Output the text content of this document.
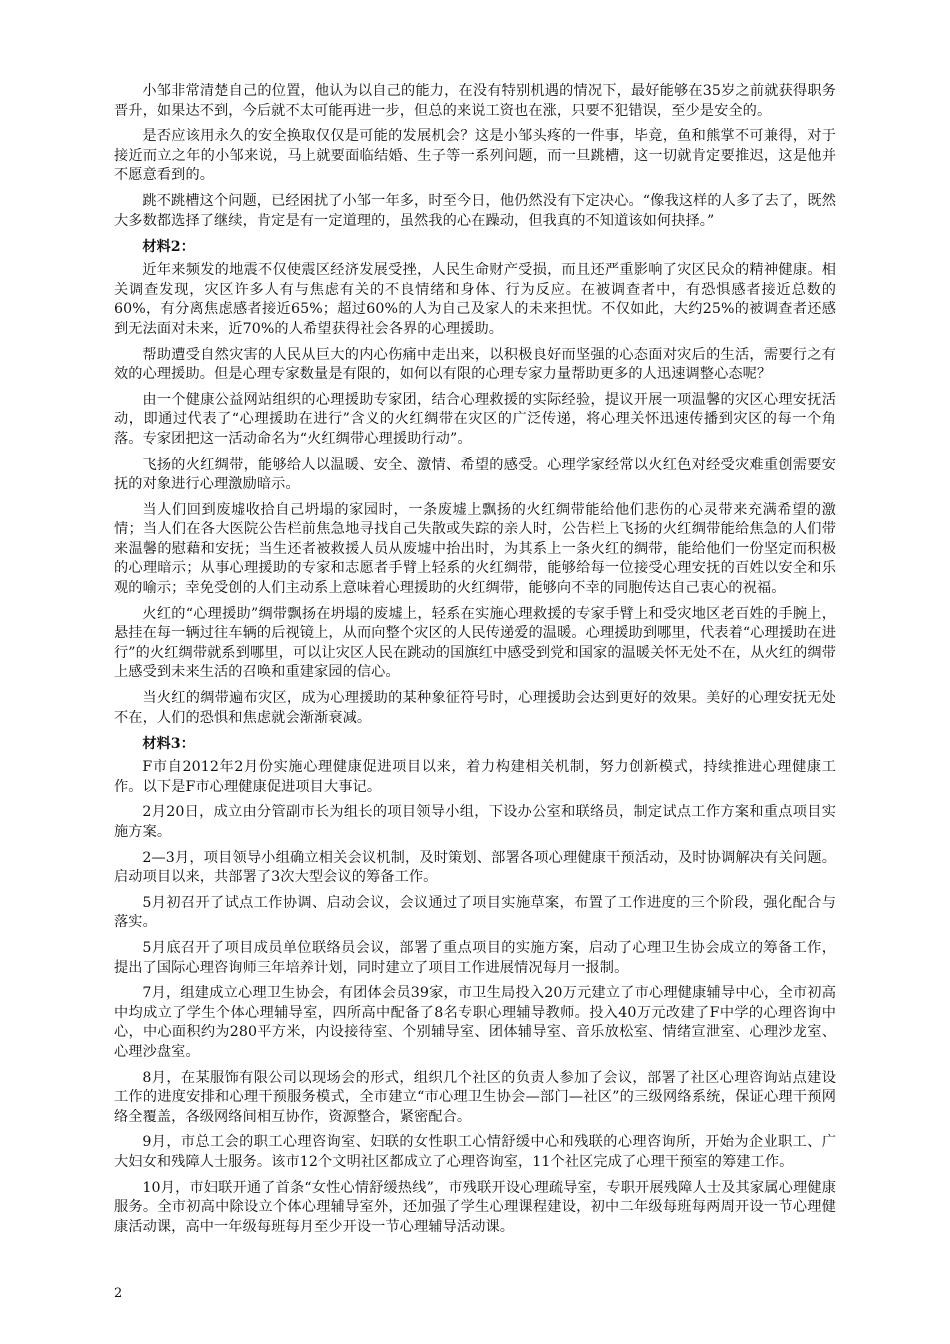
小邹非常清楚自己的位置，他认为以自己的能力，在没有特别机遇的情况下，最好能够在35岁之前就获得职务晋升，如果达不到，今后就不太可能再进一步，但总的来说工资也在涨，只要不犯错误，至少是安全的。

是否应该用永久的安全换取仅仅是可能的发展机会？这是小邹头疼的一件事，毕竟，鱼和熊掌不可兼得，对于接近而立之年的小邹来说，马上就要面临结婚、生子等一系列问题，而一旦跳槽，这一切就肯定要推迟，这是他并不愿意看到的。

跳不跳槽这个问题，已经困扰了小邹一年多，时至今日，他仍然没有下定决心。“像我这样的人多了去了，既然大多数都选择了继续，肯定是有一定道理的，虽然我的心在躁动，但我真的不知道该如何抉择。”

材料2：

近年来频发的地震不仅使震区经济发展受挫，人民生命财产受损，而且还严重影响了灾区民众的精神健康。相关调查发现，灾区许多人有与焦虑有关的不良情绪和身体、行为反应。在被调查者中，有恐惧感者接近总数的60%，有分离焦虑感者接近65%；超过60%的人为自己及家人的未来担忧。不仅如此，大约25%的被调查者还感到无法面对未来，近70%的人希望获得社会各界的心理援助。

帮助遭受自然灾害的人民从巨大的内心伤痛中走出来，以积极良好而坚强的心态面对灾后的生活，需要行之有效的心理援助。但是心理专家数量是有限的，如何以有限的心理专家力量帮助更多的人迅速调整心态呢？

由一个健康公益网站组织的心理援助专家团，结合心理救援的实际经验，提议开展一项温馨的灾区心理安抚活动，即通过代表了“心理援助在进行”含义的火红绸带在灾区的广泛传递，将心理关怀迅速传播到灾区的每一个角落。专家团把这一活动命名为“火红绸带心理援助行动”。

飞扬的火红绸带，能够给人以温暖、安全、激情、希望的感受。心理学家经常以火红色对经受灾难重创需要安抚的对象进行心理激励暗示。

当人们回到废墟收拾自己坍塌的家园时，一条废墟上飘扬的火红绸带能给他们悲伤的心灵带来充满希望的激情；当人们在各大医院公告栏前焦急地寻找自己失散或失踪的亲人时，公告栏上飞扬的火红绸带能给焦急的人们带来温馨的慰藉和安抚；当生还者被救援人员从废墟中抬出时，为其系上一条火红的绸带，能给他们一份坚定而积极的心理暗示；从事心理援助的专家和志愿者手臂上轻系的火红绸带，能够给每一位接受心理安抚的百姓以安全和乐观的喻示；幸免受创的人们主动系上意味着心理援助的火红绸带，能够向不幸的同胞传达自己衷心的祝福。

火红的“心理援助”绸带飘扬在坍塌的废墟上，轻系在实施心理救援的专家手臂上和受灾地区老百姓的手腕上，悬挂在每一辆过往车辆的后视镜上，从而向整个灾区的人民传递爱的温暖。心理援助到哪里，代表着“心理援助在进行”的火红绸带就系到哪里，可以让灾区人民在跳动的国旗红中感受到党和国家的温暖关怀无处不在，从火红的绸带上感受到未来生活的召唤和重建家园的信心。

当火红的绸带遍布灾区，成为心理援助的某种象征符号时，心理援助会达到更好的效果。美好的心理安抚无处不在，人们的恐惧和焦虑就会渐渐衰减。

材料3：

F市自2012年2月份实施心理健康促进项目以来，着力构建相关机制，努力创新模式，持续推进心理健康工作。以下是F市心理健康促进项目大事记。

2月20日，成立由分管副市长为组长的项目领导小组，下设办公室和联络员，制定试点工作方案和重点项目实施方案。

2—3月，项目领导小组确立相关会议机制，及时策划、部署各项心理健康干预活动，及时协调解决有关问题。启动项目以来，共部署了3次大型会议的筹备工作。

5月初召开了试点工作协调、启动会议，会议通过了项目实施草案，布置了工作进度的三个阶段，强化配合与落实。

5月底召开了项目成员单位联络员会议，部署了重点项目的实施方案，启动了心理卫生协会成立的筹备工作，提出了国际心理咨询师三年培养计划，同时建立了项目工作进展情况每月一报制。

7月，组建成立心理卫生协会，有团体会员39家，市卫生局投入20万元建立了市心理健康辅导中心，全市初高中均成立了学生个体心理辅导室，四所高中配备了8名专职心理辅导教师。投入40万元改建了F中学的心理咨询中心，中心面积约为280平方米，内设接待室、个别辅导室、团体辅导室、音乐放松室、情绪宣泄室、心理沙龙室、心理沙盘室。

8月，在某服饰有限公司以现场会的形式，组织几个社区的负责人参加了会议，部署了社区心理咨询站点建设工作的进度安排和心理干预服务模式，全市建立“市心理卫生协会—部门—社区”的三级网络系统，保证心理干预网络全覆盖，各级网络间相互协作，资源整合，紧密配合。

9月，市总工会的职工心理咨询室、妇联的女性职工心情舒缓中心和残联的心理咨询所，开始为企业职工、广大妇女和残障人士服务。该市12个文明社区都成立了心理咨询室，11个社区完成了心理干预室的筹建工作。

10月，市妇联开通了首条“女性心情舒缓热线”，市残联开设心理疏导室，专职开展残障人士及其家属心理健康服务。全市初高中除设立个体心理辅导室外，还加强了学生心理课程建设，初中二年级每班每两周开设一节心理健康活动课，高中一年级每班每月至少开设一节心理辅导活动课。

2
